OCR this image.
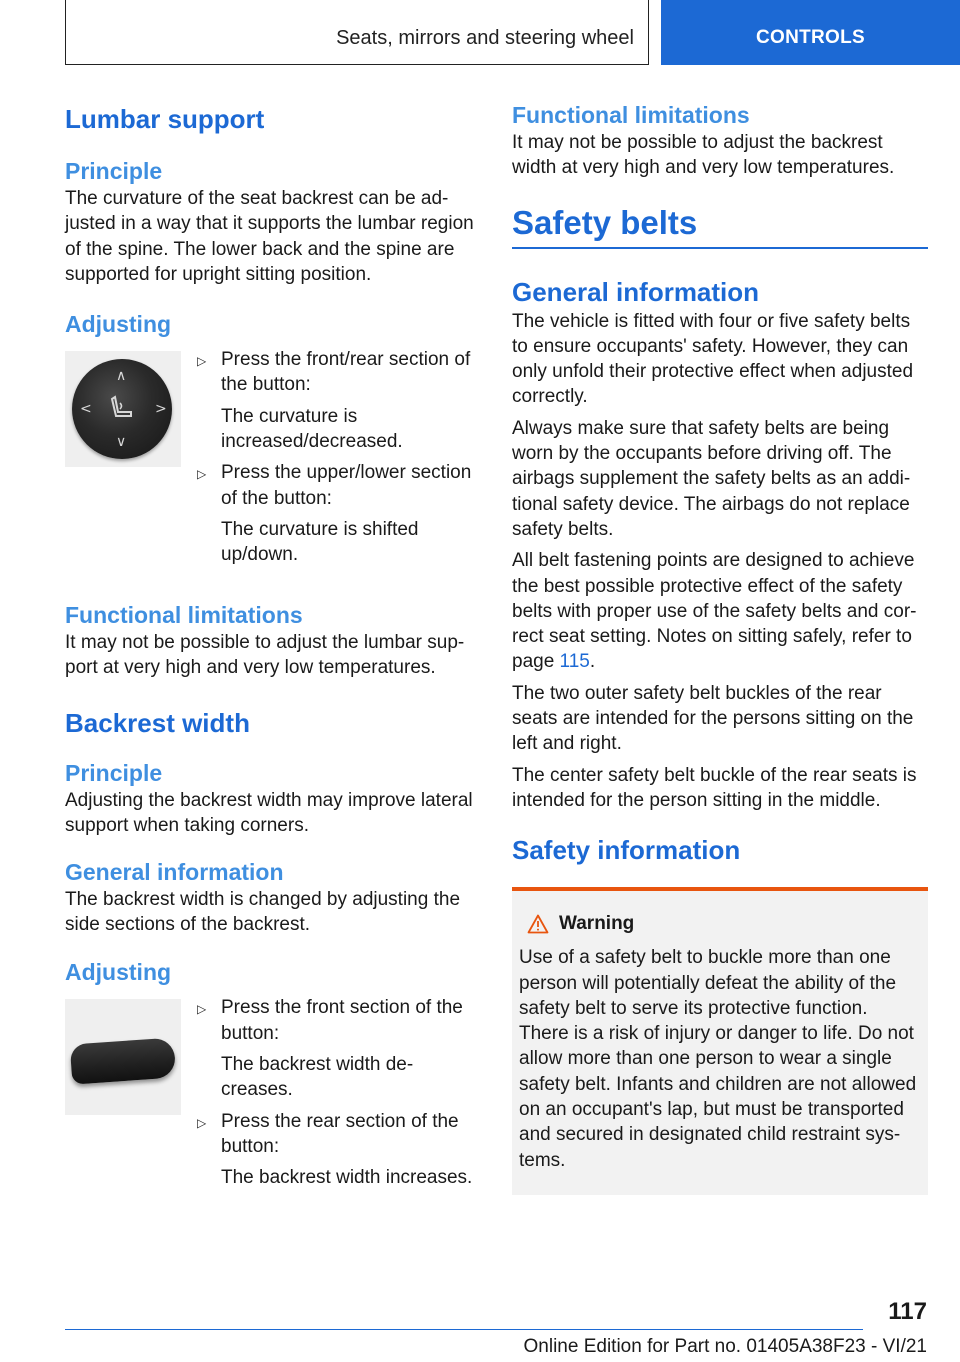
Seats, mirrors and steering wheel	CONTROLS
Lumbar support
Principle
The curvature of the seat backrest can be ad-justed in a way that it supports the lumbar region of the spine. The lower back and the spine are supported for upright sitting position.
Adjusting
∧
∨
<	>
▷ Press the front/rear section of the button:
The curvature is increased/decreased.
▷ Press the upper/lower section of the button:
The curvature is shifted up/down.
Functional limitations
It may not be possible to adjust the lumbar sup-port at very high and very low temperatures.
Backrest width
Principle
Adjusting the backrest width may improve lateral support when taking corners.
General information
The backrest width is changed by adjusting the side sections of the backrest.
Adjusting
▷ Press the front section of the button:
The backrest width de-creases.
▷ Press the rear section of the button:
The backrest width increases.
Functional limitations
It may not be possible to adjust the backrest width at very high and very low temperatures.
Safety belts
General information
The vehicle is fitted with four or five safety belts to ensure occupants' safety. However, they can only unfold their protective effect when adjusted correctly.
Always make sure that safety belts are being worn by the occupants before driving off. The airbags supplement the safety belts as an addi-tional safety device. The airbags do not replace safety belts.
All belt fastening points are designed to achieve the best possible protective effect of the safety belts with proper use of the safety belts and cor-rect seat setting. Notes on sitting safely, refer to page 115.
The two outer safety belt buckles of the rear seats are intended for the persons sitting on the left and right.
The center safety belt buckle of the rear seats is intended for the person sitting in the middle.
Safety information
Warning
Use of a safety belt to buckle more than one person will potentially defeat the ability of the safety belt to serve its protective function. There is a risk of injury or danger to life. Do not allow more than one person to wear a single safety belt. Infants and children are not allowed on an occupant's lap, but must be transported and secured in designated child restraint sys-tems.
117
Online Edition for Part no. 01405A38F23 - VI/21
